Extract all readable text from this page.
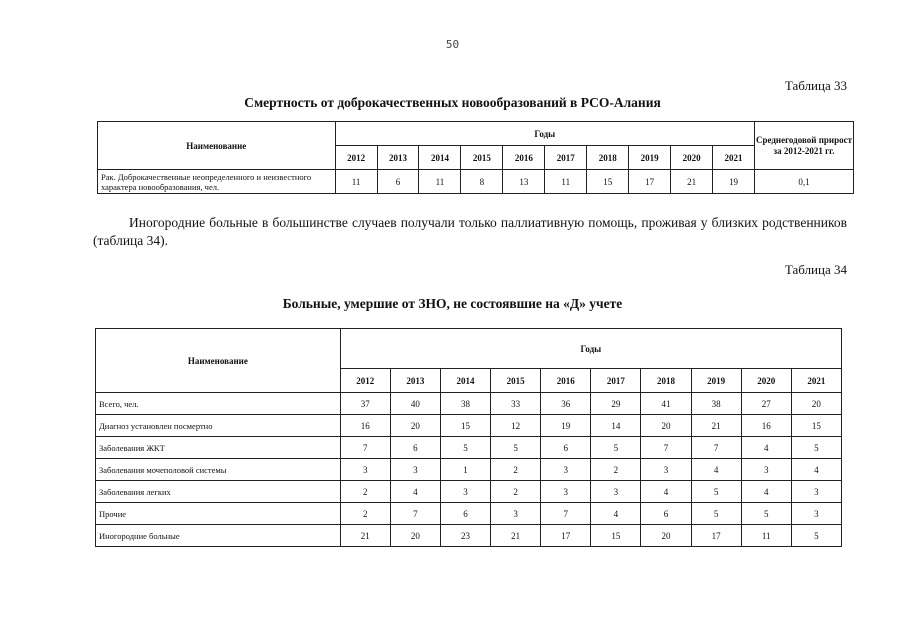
50
Таблица 33
Смертность от доброкачественных новообразований в РСО-Алания
Наименование	Годы										Среднегодовой прирост за 2012-2021 гг.
	2012	2013	2014	2015	2016	2017	2018	2019	2020	2021	
Рак. Доброкачественные неопределенного и неизвестного характера новообразования, чел.	11	6	11	8	13	11	15	17	21	19	0,1
Иногородние больные в большинстве случаев получали только паллиативную помощь, проживая у близких родственников (таблица 34).
Таблица 34
Больные, умершие от ЗНО, не состоявшие на «Д» учете
Наименование	Годы									
	2012	2013	2014	2015	2016	2017	2018	2019	2020	2021
Всего, чел.	37	40	38	33	36	29	41	38	27	20
Диагноз установлен посмертно	16	20	15	12	19	14	20	21	16	15
Заболевания ЖКТ	7	6	5	5	6	5	7	7	4	5
Заболевания мочеполовой системы	3	3	1	2	3	2	3	4	3	4
Заболевания легких	2	4	3	2	3	3	4	5	4	3
Прочие	2	7	6	3	7	4	6	5	5	3
Иногородние больные	21	20	23	21	17	15	20	17	11	5
